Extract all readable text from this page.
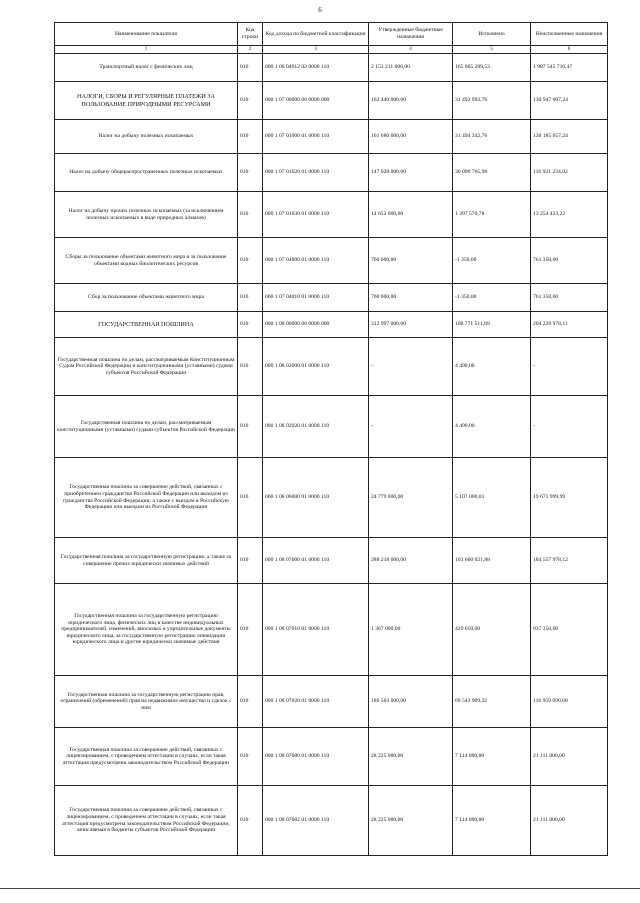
6
Наименование показателя	Код строки	Код дохода по бюджетной классификации	Утвержденные бюджетные назначения	Исполнено	Неисполненные назначения
1	2	3	4	5	6
Транспортный налог с физических лиц	010	000 1 06 04012 02 0000 110	2 153 211 000,00	165 665 289,53	1 987 545 710,47
НАЛОГИ, СБОРЫ И РЕГУЛЯРНЫЕ ПЛАТЕЖИ ЗА ПОЛЬЗОВАНИЕ ПРИРОДНЫМИ РЕСУРСАМИ	010	000 1 07 00000 00 0000 000	162 440 000,00	31 492 992,76	130 947 007,24
Налог на добычу полезных ископаемых	010	000 1 07 01000 01 0000 110	161 680 000,00	31 494 342,76	130 185 657,24
Налог на добычу общераспространенных полезных ископаемых	010	000 1 07 01020 01 0000 110	147 028 000,00	30 096 765,98	116 931 234,02
Налог на добычу прочих полезных ископаемых (за исключением полезных ископаемых в виде природных алмазов)	010	000 1 07 01030 01 0000 110	14 652 000,00	1 397 576,78	13 254 423,22
Сборы за пользование объектами животного мира и за пользование объектами водных биологических ресурсов	010	000 1 07 04000 01 0000 110	760 000,00	-1 350,00	761 350,00
Сбор за пользование объектами животного мира	010	000 1 07 04010 01 0000 110	760 000,00	-1 350,00	761 350,00
ГОСУДАРСТВЕННАЯ ПОШЛИНА	010	000 1 08 00000 00 0000 000	312 997 000,00	108 771 511,89	204 229 978,11
Государственная пошлина по делам, рассматриваемым Конституционным Судом Российской Федерации и конституционными (уставными) судами субъектов Российской Федерации	010	000 1 08 02000 01 0000 110	-	4 490,00	-
Государственная пошлина по делам, рассматриваемым конституционными (уставными) судами субъектов Российской Федерации	010	000 1 08 02020 01 0000 110	-	4 490,00	-
Государственная пошлина за совершение действий, связанных с приобретением гражданства Российской Федерации или выходом из гражданства Российской Федерации, а также с въездом в Российскую Федерацию или выездом из Российской Федерации	010	000 1 08 06000 01 0000 110	24 779 000,00	5 107 000,01	19 671 999,99
Государственная пошлина за государственную регистрацию, а также за совершение прочих юридически значимых действий	010	000 1 08 07000 01 0000 110	288 218 000,00	103 660 021,88	184 557 978,12
Государственная пошлина за государственную регистрацию юридического лица, физических лиц в качестве индивидуальных предпринимателей, изменений, вносимых в учредительные документы юридического лица, за государственную регистрацию ликвидации юридического лица и другие юридически значимые действия	010	000 1 08 07010 01 0000 110	1 367 000,00	429 650,00	937 350,00
Государственная пошлина за государственную регистрацию прав, ограничений (обременений) прав на недвижимое имущество и сделок с ним	010	000 1 08 07020 01 0000 110	186 503 000,00	69 543 909,32	116 959 090,68
Государственная пошлина за совершение действий, связанных с лицензированием, с проведением аттестации в случаях, если такая аттестация предусмотрена законодательством Российской Федерации	010	000 1 08 07080 01 0000 110	28 225 000,00	7 114 000,00	21 111 000,00
Государственная пошлина за совершение действий, связанных с лицензированием, с проведением аттестации в случаях, если такая аттестация предусмотрена законодательством Российской Федерации, зачисляемая в бюджеты субъектов Российской Федерации	010	000 1 08 07082 01 0000 110	28 225 000,00	7 114 000,00	21 111 000,00
